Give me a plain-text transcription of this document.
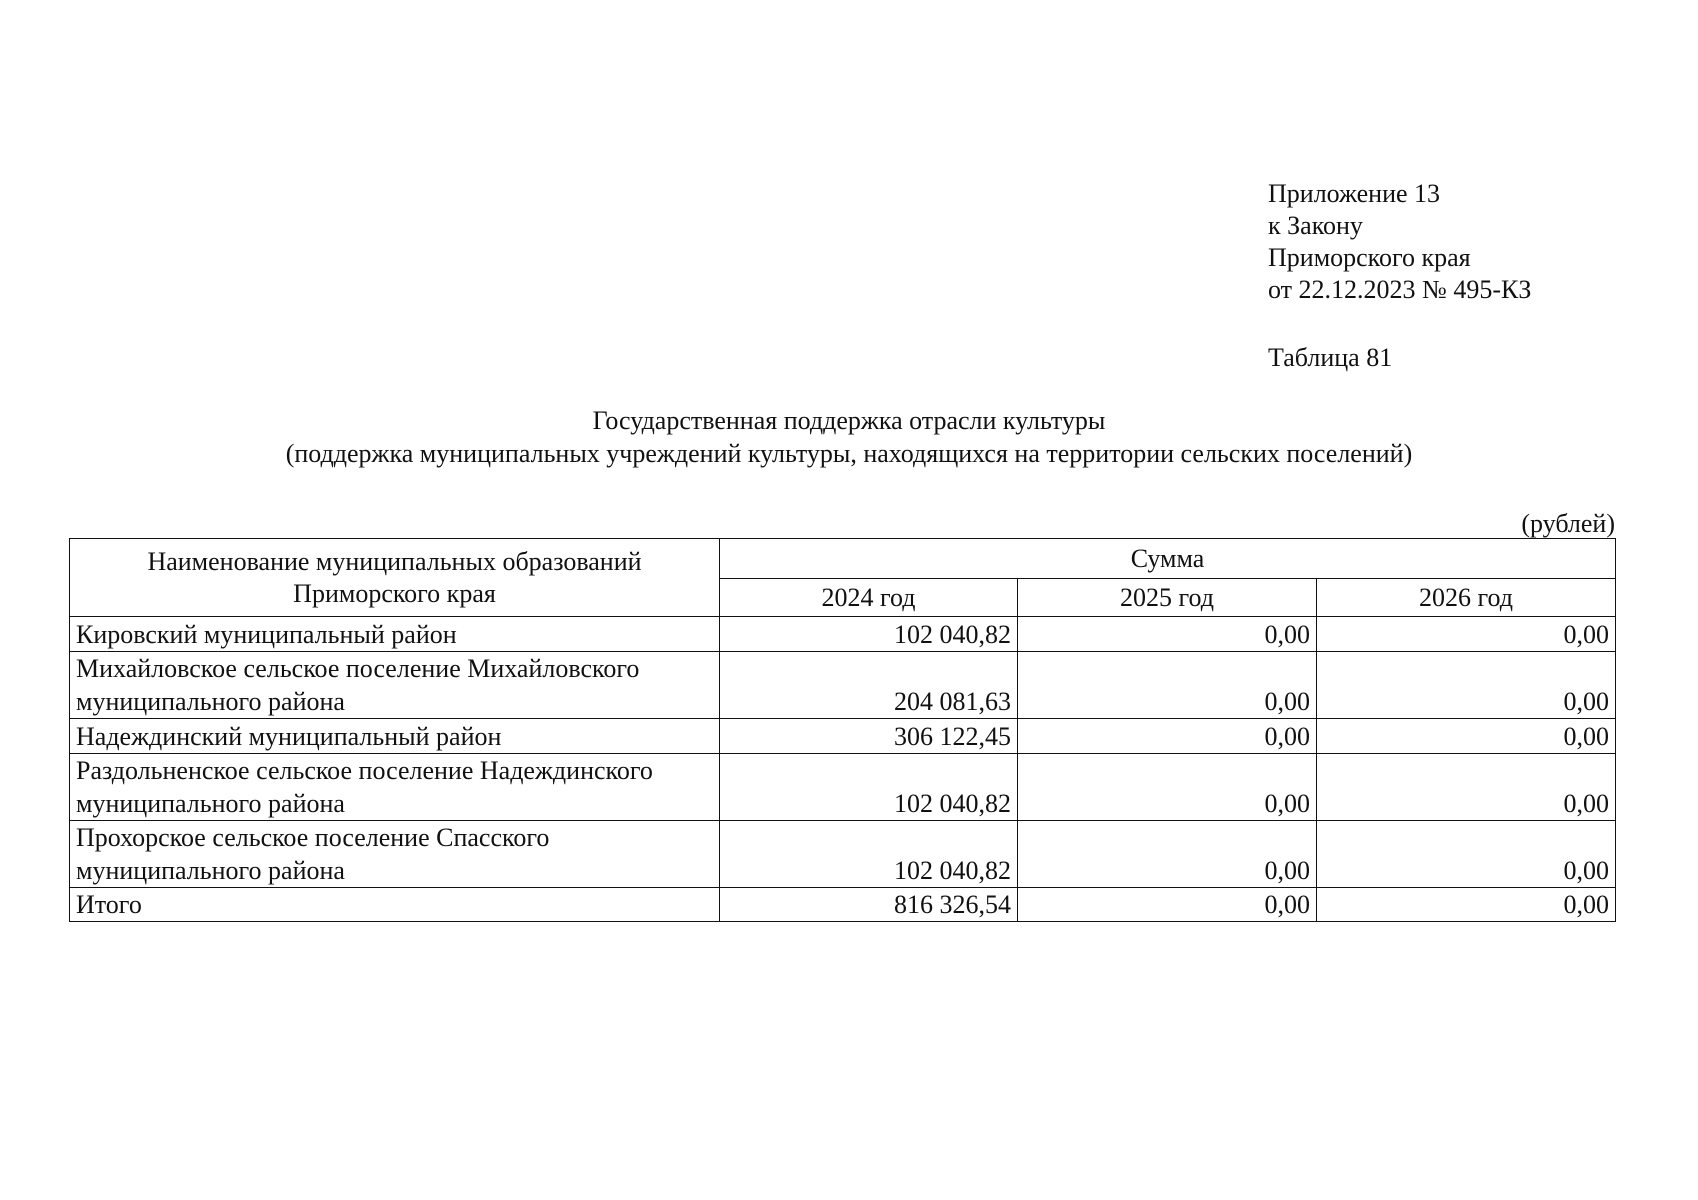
Приложение 13
к Закону
Приморского края
от 22.12.2023 № 495-КЗ
Таблица 81
Государственная поддержка отрасли культуры
(поддержка муниципальных учреждений культуры, находящихся на территории сельских поселений)
(рублей)
Наименование муниципальных образований
Приморского края	Сумма		
	2024 год	2025 год	2026 год

Кировский муниципальный район	102 040,82	0,00	0,00

Михайловское сельское поселение Михайловского
муниципального района	204 081,63	0,00	0,00

Надеждинский муниципальный район	306 122,45	0,00	0,00

Раздольненское сельское поселение Надеждинского
муниципального района	102 040,82	0,00	0,00

Прохорское сельское поселение Спасского
муниципального района	102 040,82	0,00	0,00
Итого	816 326,54	0,00	0,00
